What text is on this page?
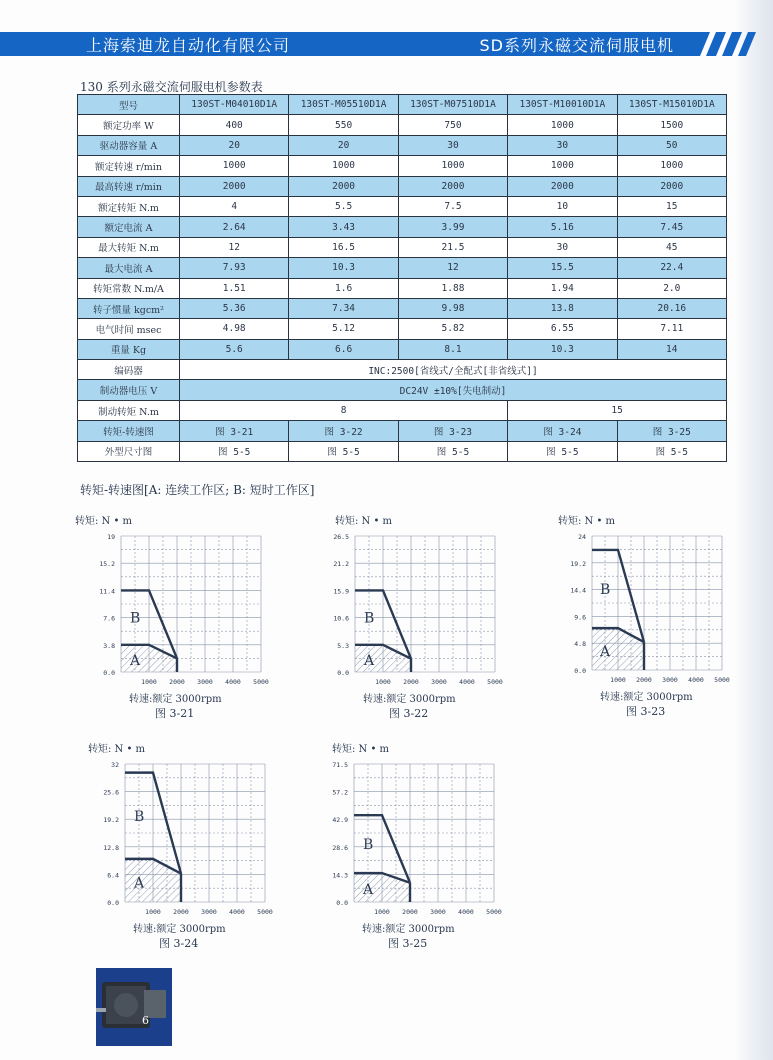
上海索迪龙自动化有限公司	SD系列永磁交流伺服电机
130 系列永磁交流伺服电机参数表
型号	130ST-M04010D1A	130ST-M05510D1A	130ST-M07510D1A	130ST-M10010D1A	130ST-M15010D1A
额定功率 W	400	550	750	1000	1500
驱动器容量 A	20	20	30	30	50
额定转速 r/min	1000	1000	1000	1000	1000
最高转速 r/min	2000	2000	2000	2000	2000
额定转矩 N.m	4	5.5	7.5	10	15
额定电流 A	2.64	3.43	3.99	5.16	7.45
最大转矩 N.m	12	16.5	21.5	30	45
最大电流 A	7.93	10.3	12	15.5	22.4
转矩常数 N.m/A	1.51	1.6	1.88	1.94	2.0
转子惯量 kgcm²	5.36	7.34	9.98	13.8	20.16
电气时间 msec	4.98	5.12	5.82	6.55	7.11
重量 Kg	5.6	6.6	8.1	10.3	14
编码器	INC:2500[省线式/全配式[非省线式]]				
制动器电压 V	DC24V ±10%[失电制动]				
制动转矩 N.m	8			15	
转矩-转速图	图 3-21	图 3-22	图 3-23	图 3-24	图 3-25
外型尺寸图	图 5-5	图 5-5	图 5-5	图 5-5	图 5-5
转矩-转速图[A: 连续工作区; B: 短时工作区]
转矩: N • m
A
B
0.0
3.8
7.6
11.4
15.2
19
1000 2000 3000 4000 5000
转速:额定 3000rpm
图 3-21
转矩: N • m
A
B
0.0
5.3
10.6
15.9
21.2
26.5
1000 2000 3000 4000 5000
转速:额定 3000rpm
图 3-22
转矩: N • m
A
B
0.0
4.8
9.6
14.4
19.2
24
1000 2000 3000 4000 5000
转速:额定 3000rpm
图 3-23
转矩: N • m
A
B
0.0
6.4
12.8
19.2
25.6
32
1000 2000 3000 4000 5000
转速:额定 3000rpm
图 3-24
转矩: N • m
A
B
0.0
14.3
28.6
42.9
57.2
71.5
1000 2000 3000 4000 5000
转速:额定 3000rpm
图 3-25
6
